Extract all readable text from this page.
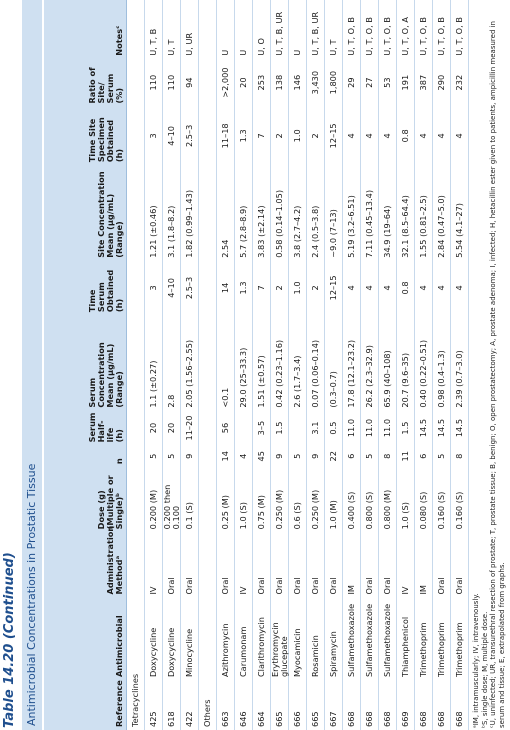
Table 14.20 (Continued) Antimicrobial Concentrations in Prostatic Tissue	Reference	Antimicrobial	Administration Methodᵃ	Dose (g) (Multiple or Single)ᵇ	n	Serum Half-life (h)	Serum Concentration Mean (µg/mL) (Range)	Time Serum Obtained (h)	Site Concentration Mean (µg/mL) (Range)	Time Site Specimen Obtained (h)	Ratio of Site/ Serum (%)	Notesᶜ
Tetracyclines											
425	Doxycycline	IV	0.200 (M)	5	20	1.1 (±0.27)	3	1.21 (±0.46)	3	110	U, T, B
618	Doxycycline	Oral	0.200 then 0.100	5	20	2.8	4–10	3.1 (1.8–8.2)	4–10	110	U, T
422	Minocycline	Oral	0.1 (S)	9	11–20	2.05 (1.56–2.55)	2.5–3	1.82 (0.99–1.43)	2.5–3	94	U, UR
Others											
663	Azithromycin	Oral	0.25 (M)	14	56	<0.1	14	2.54	11–18	>2,000	U
646	Carumonam	IV	1.0 (S)	4		29.0 (25–33.3)	1.3	5.7 (2.8–8.9)	1.3	20	U
664	Clarithromycin	Oral	0.75 (M)	45	3–5	1.51 (±0.57)	7	3.83 (±2.14)	7	253	U, O
665	Erythromycin glucepate	Oral	0.250 (M)	9	1.5	0.42 (0.23–1.16)	2	0.58 (0.14–1.05)	2	138	U, T, B, UR
666	Myocamicin	Oral	0.6 (S)	5		2.6 (1.7–3.4)	1.0	3.8 (2.7–4.2)	1.0	146	U
665	Rosamicin	Oral	0.250 (M)	9	3.1	0.07 (0.06–0.14)	2	2.4 (0.5–3.8)	2	3,430	U, T, B, UR
667	Spiramycin	Oral	1.0 (M)	22	0.5	(0.3–0.7)	12–15	~9.0 (7–13)	12–15	1,800	U, T
668	Sulfamethoxazole	IM	0.400 (S)	6	11.0	17.8 (12.1–23.2)	4	5.19 (3.2–6.51)	4	29	U, T, O, B
668	Sulfamethoxazole	Oral	0.800 (S)	5	11.0	26.2 (2.3–32.9)	4	7.11 (0.45–13.4)	4	27	U, T, O, B
668	Sulfamethoxazole	Oral	0.800 (M)	8	11.0	65.9 (40–108)	4	34.9 (19–64)	4	53	U, T, O, B
669	Thiamphenicol	IV	1.0 (S)	11	1.5	20.7 (9.6–35)	0.8	32.1 (8.5–64.4)	0.8	191	U, T, O, A
668	Trimethoprim	IM	0.080 (S)	6	14.5	0.40 (0.22–0.51)	4	1.55 (0.81–2.5)	4	387	U, T, O, B
668	Trimethoprim	Oral	0.160 (S)	5	14.5	0.98 (0.4–1.3)	4	2.84 (0.47–5.0)	4	290	U, T, O, B
668	Trimethoprim	Oral	0.160 (S)	8	14.5	2.39 (0.7–3.0)	4	5.54 (4.1–27)	4	232	U, T, O, B
ᵃIM, intramuscularly; IV, intravenously. ᵇS, single dose; M, multiple dose. ᶜU, uninfected; UR, transurethral resection of prostate; T, prostate tissue; B, benign; O, open prostatectomy; A, prostate adenoma; I, infected; H, hetacillin ester given to patients, ampicillin measured in serum and tissue; E, extrapolated from graphs.
